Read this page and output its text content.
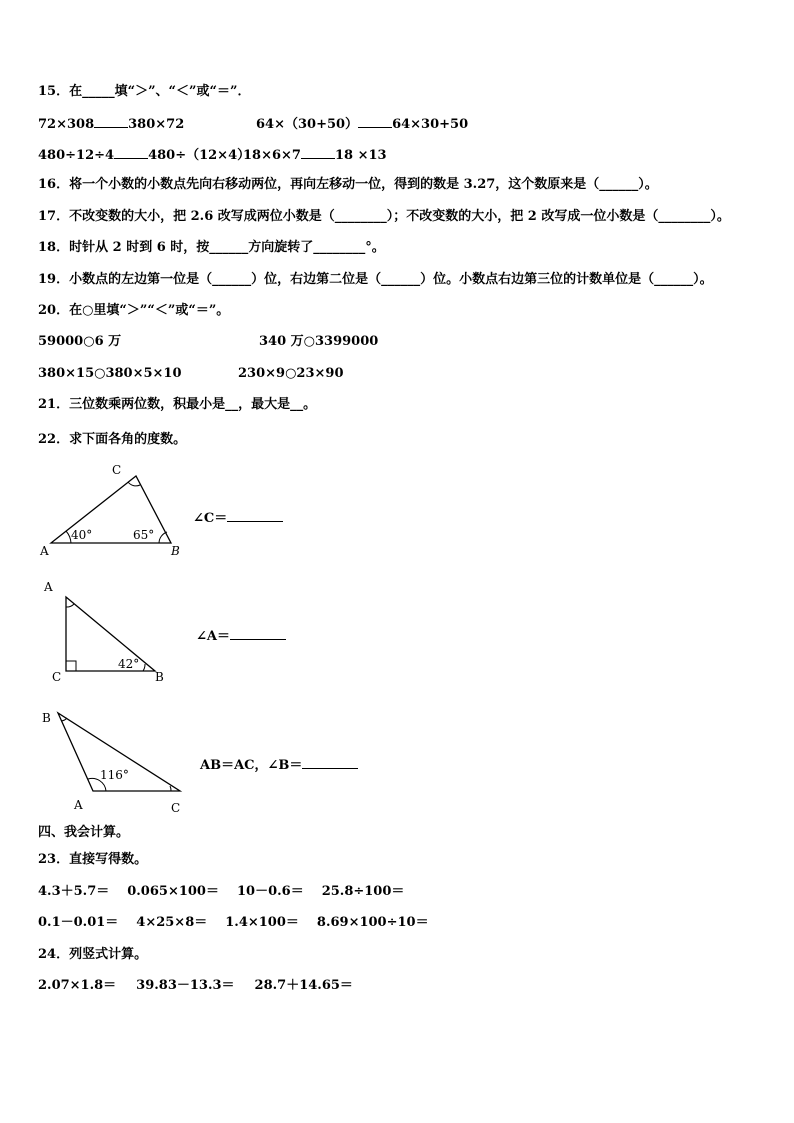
15．在_____填“＞”、“＜”或“＝”．
72×308	380×72	64×（30+50）	64×30+50
480÷12÷4	480÷（12×4）
18×6×7	18 ×13
16．将一个小数的小数点先向右移动两位，再向左移动一位，得到的数是 3.27，这个数原来是（______）。
17．不改变数的大小，把 2.6 改写成两位小数是（________）；不改变数的大小，把 2 改写成一位小数是（________）。
18．时针从 2 时到 6 时，按______方向旋转了________°。
19．小数点的左边第一位是（______）位，右边第二位是（______）位。小数点右边第三位的计数单位是（______）。
20．在○里填“＞”“＜”或“＝”。
59000○6 万	340 万○3399000
380×15○380×5×10	230×9○23×90
21．三位数乘两位数，积最小是__，最大是__。
22．求下面各角的度数。
C
A	B
40°	65°
∠C＝
A
C	B
42°
∠A＝
B
A	C
116°
AB＝AC，∠B＝
四、我会计算。
23．直接写得数。
4.3＋5.7＝ 0.065×100＝ 10－0.6＝ 25.8÷100＝
0.1－0.01＝ 4×25×8＝ 1.4×100＝ 8.69×100÷10＝
24．列竖式计算。
2.07×1.8＝ 39.83－13.3＝ 28.7＋14.65＝
